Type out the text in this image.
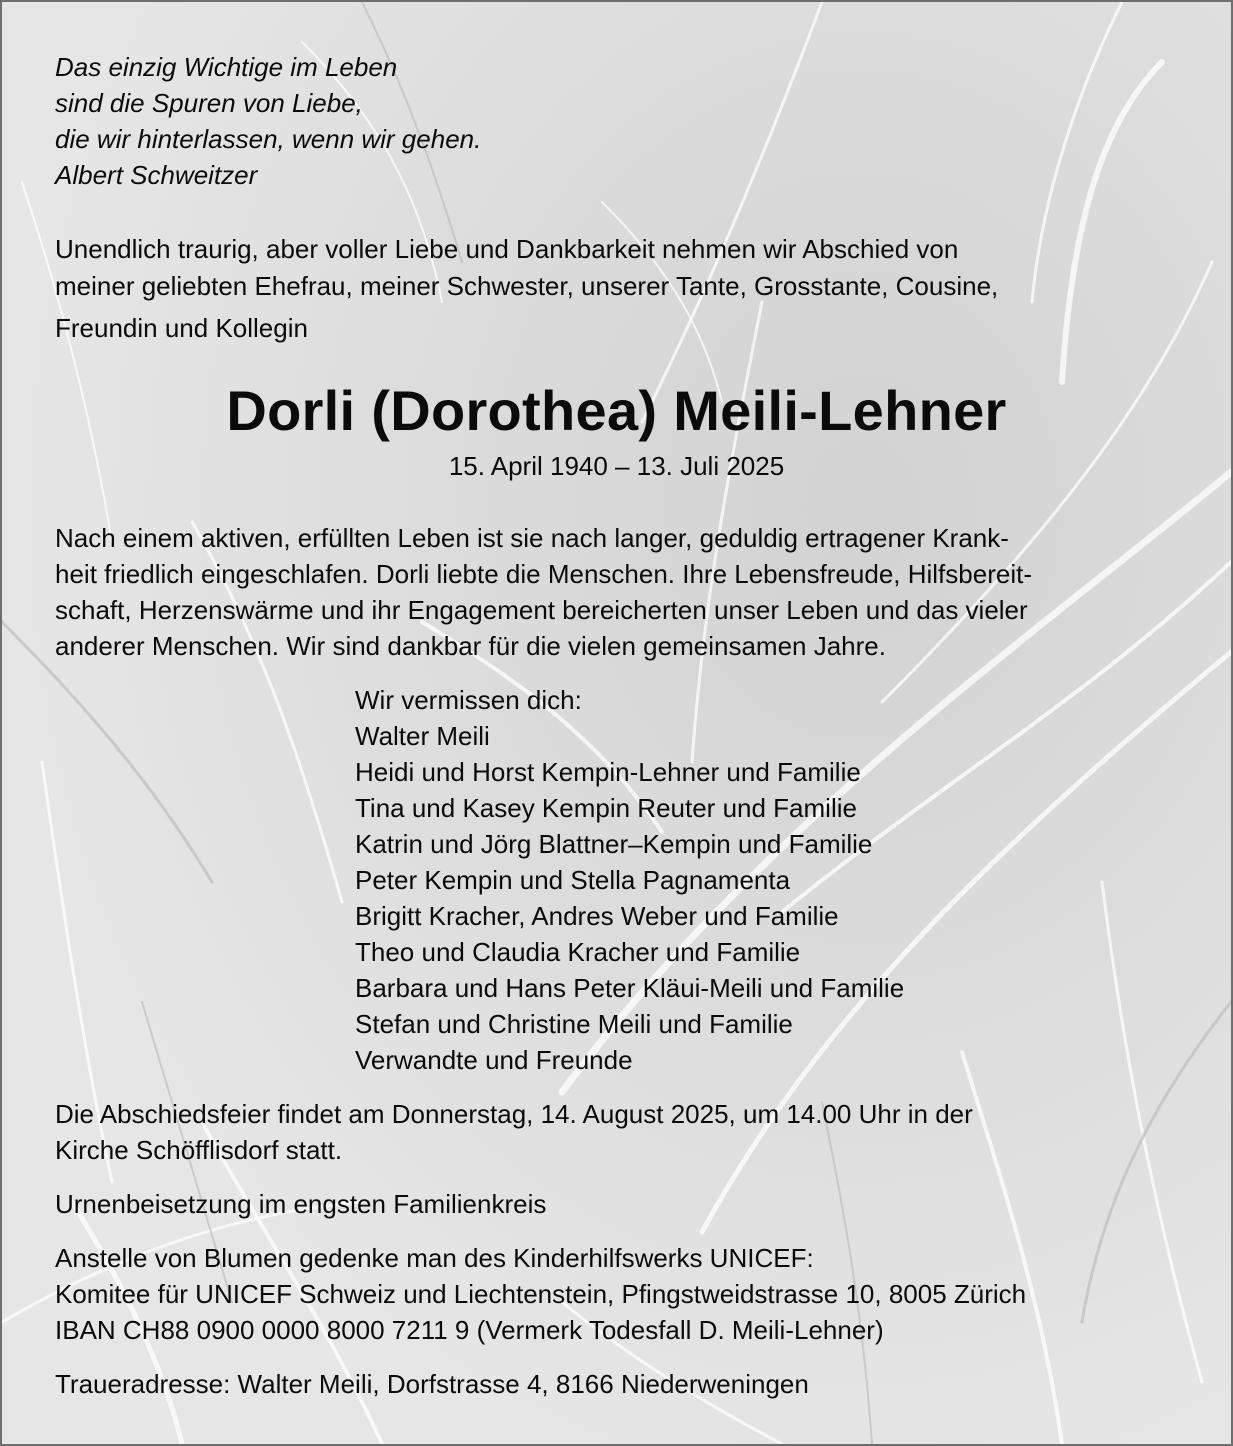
Das einzig Wichtige im Leben
sind die Spuren von Liebe,
die wir hinterlassen, wenn wir gehen.
Albert Schweitzer
Unendlich traurig, aber voller Liebe und Dankbarkeit nehmen wir Abschied von
meiner geliebten Ehefrau, meiner Schwester, unserer Tante, Grosstante, Cousine,
Freundin und Kollegin
Dorli (Dorothea) Meili-Lehner
15. April 1940 – 13. Juli 2025
Nach einem aktiven, erfüllten Leben ist sie nach langer, geduldig ertragener Krank-
heit friedlich eingeschlafen. Dorli liebte die Menschen. Ihre Lebensfreude, Hilfsbereit-
schaft, Herzenswärme und ihr Engagement bereicherten unser Leben und das vieler
anderer Menschen. Wir sind dankbar für die vielen gemeinsamen Jahre.
Wir vermissen dich:
Walter Meili
Heidi und Horst Kempin-Lehner und Familie
Tina und Kasey Kempin Reuter und Familie
Katrin und Jörg Blattner–Kempin und Familie
Peter Kempin und Stella Pagnamenta
Brigitt Kracher, Andres Weber und Familie
Theo und Claudia Kracher und Familie
Barbara und Hans Peter Kläui-Meili und Familie
Stefan und Christine Meili und Familie
Verwandte und Freunde
Die Abschiedsfeier findet am Donnerstag, 14. August 2025, um 14.00 Uhr in der
Kirche Schöfflisdorf statt.
Urnenbeisetzung im engsten Familienkreis
Anstelle von Blumen gedenke man des Kinderhilfswerks UNICEF:
Komitee für UNICEF Schweiz und Liechtenstein, Pfingstweidstrasse 10, 8005 Zürich
IBAN CH88 0900 0000 8000 7211 9 (Vermerk Todesfall D. Meili-Lehner)
Traueradresse: Walter Meili, Dorfstrasse 4, 8166 Niederweningen
